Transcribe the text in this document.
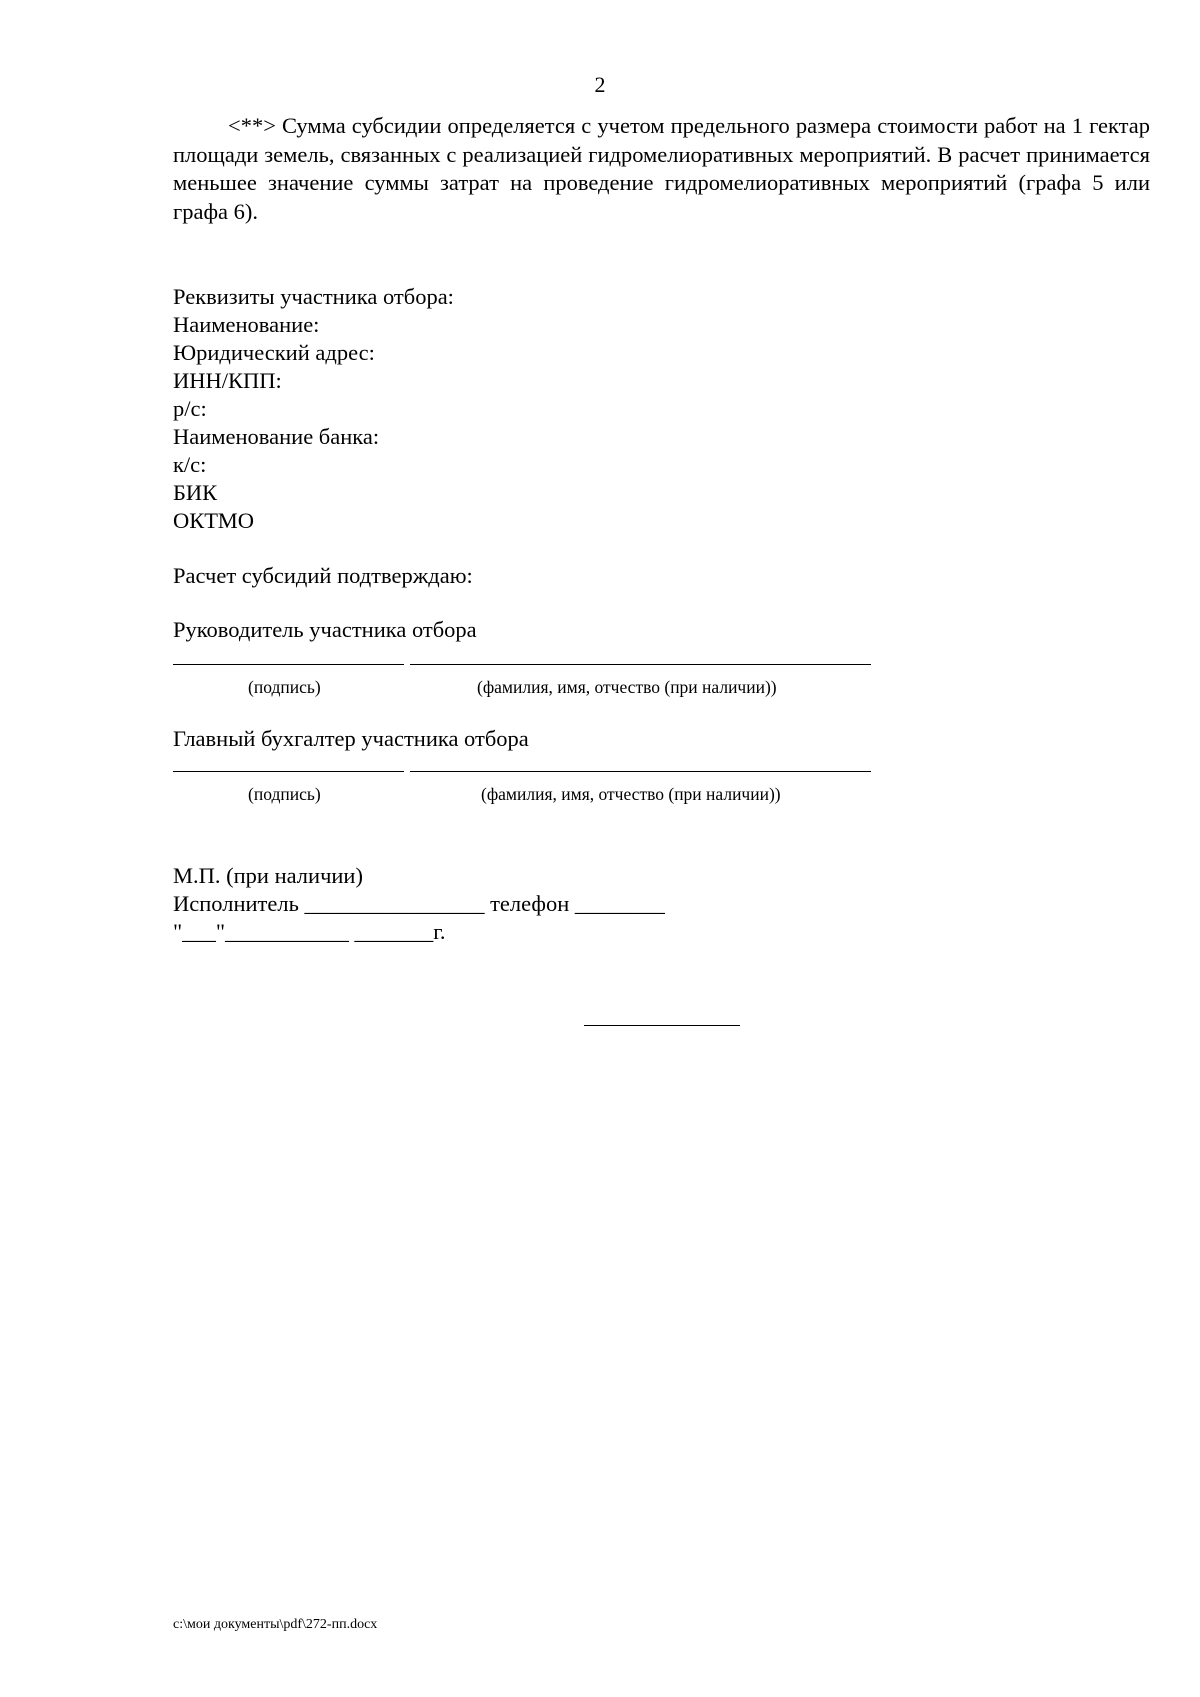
2

<**> Сумма субсидии определяется с учетом предельного размера стоимости работ на 1 гектар площади земель, связанных с реализацией гидромелиоративных мероприятий. В расчет принимается меньшее значение суммы затрат на проведение гидромелиоративных мероприятий (графа 5 или графа 6).

Реквизиты участника отбора:
Наименование:
Юридический адрес:
ИНН/КПП:
р/с:
Наименование банка:
к/с:
БИК
ОКТМО
Расчет субсидий подтверждаю:
Руководитель участника отбора
(подпись)	(фамилия, имя, отчество (при наличии))
Главный бухгалтер участника отбора
(подпись)	(фамилия, имя, отчество (при наличии))
М.П. (при наличии)
Исполнитель ________________ телефон ________
"___"___________ _______г.
c:\мои документы\pdf\272-пп.docx
